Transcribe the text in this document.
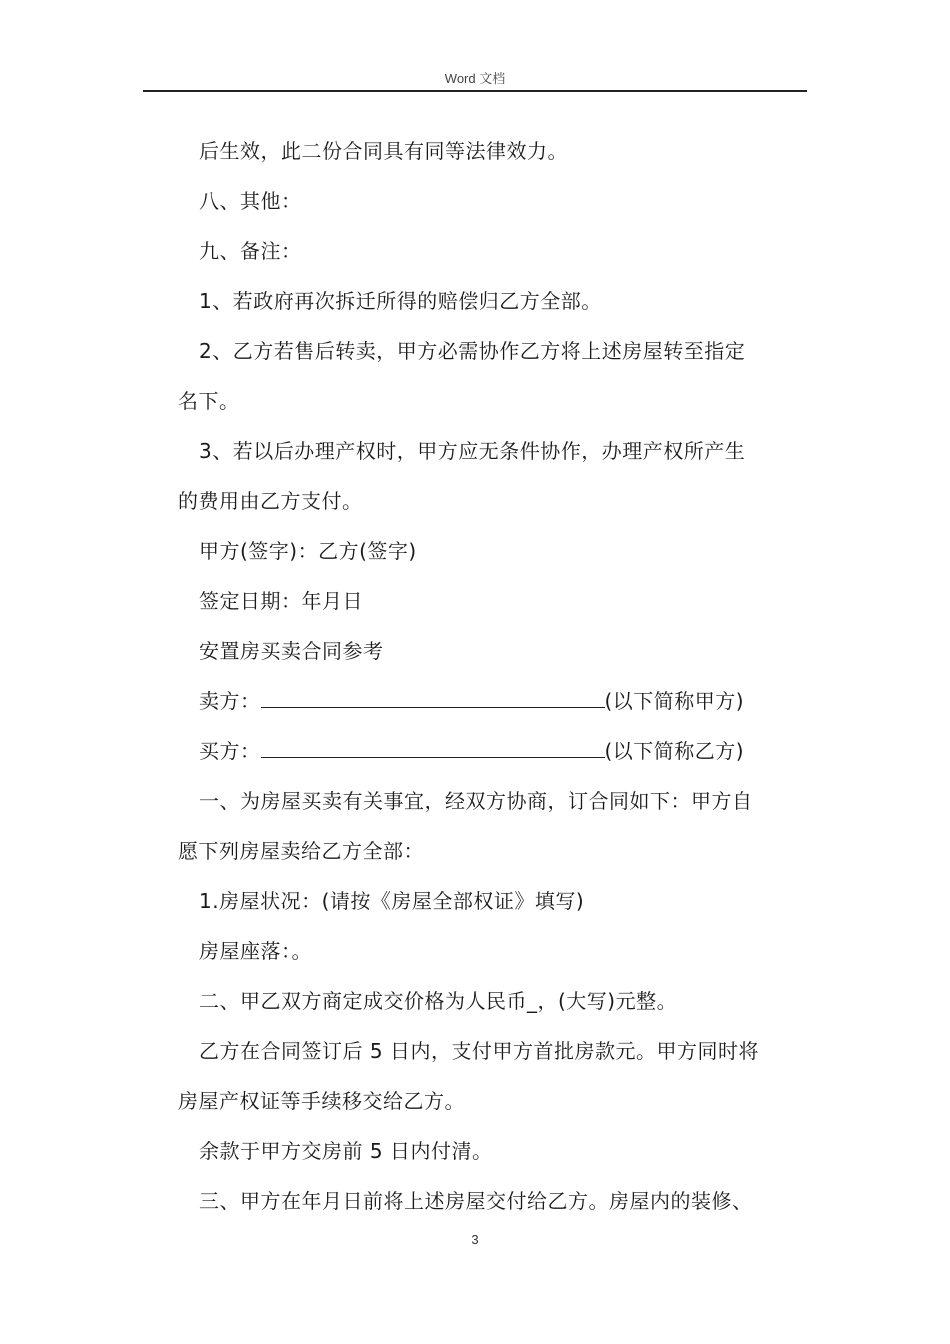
Word 文档
后生效，此二份合同具有同等法律效力。
八、其他：
九、备注：
1、若政府再次拆迁所得的赔偿归乙方全部。
2、乙方若售后转卖，甲方必需协作乙方将上述房屋转至指定
名下。
3、若以后办理产权时，甲方应无条件协作，办理产权所产生
的费用由乙方支付。
甲方(签字)：乙方(签字)
签定日期：年月日
安置房买卖合同参考
卖方：	(以下简称甲方)
买方：	(以下简称乙方)
一、为房屋买卖有关事宜，经双方协商，订合同如下：甲方自
愿下列房屋卖给乙方全部：
1.房屋状况：(请按《房屋全部权证》填写)
房屋座落：。
二、甲乙双方商定成交价格为人民币_，(大写)元整。
乙方在合同签订后 5 日内，支付甲方首批房款元。甲方同时将
房屋产权证等手续移交给乙方。
余款于甲方交房前 5 日内付清。
三、甲方在年月日前将上述房屋交付给乙方。房屋内的装修、
3
